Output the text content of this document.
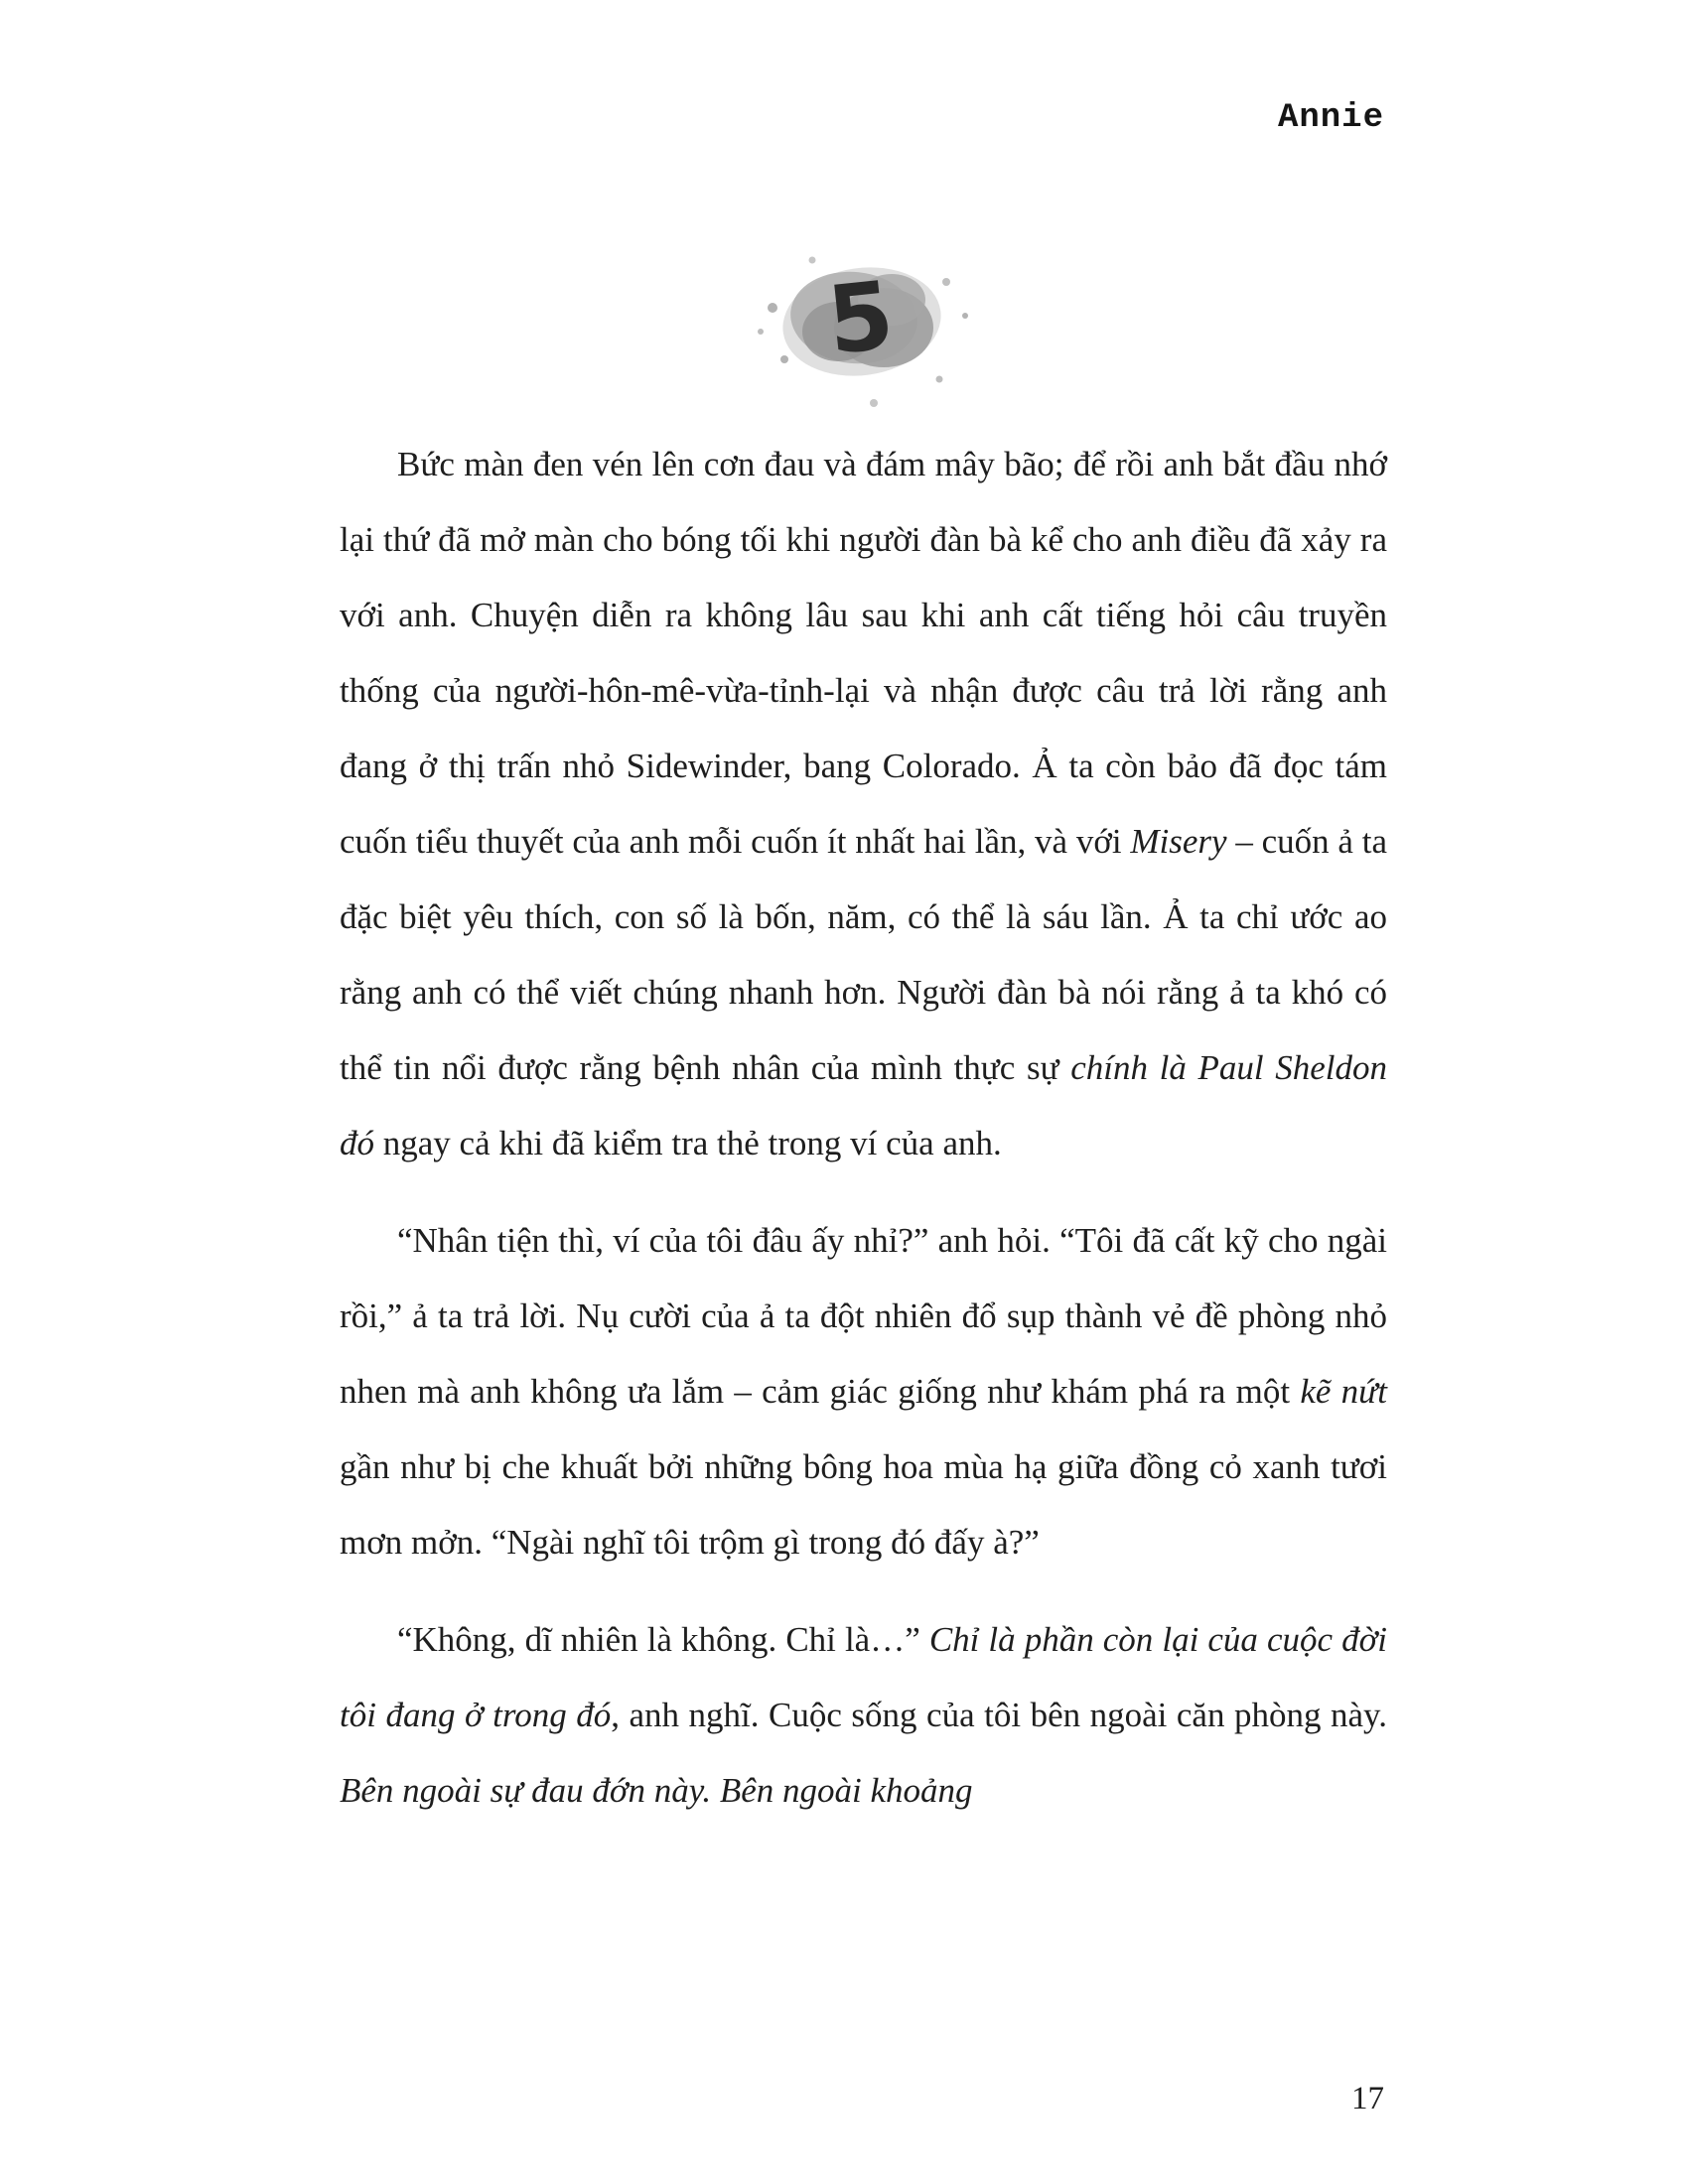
Annie
5

Bức màn đen vén lên cơn đau và đám mây bão; để rồi anh bắt đầu nhớ lại thứ đã mở màn cho bóng tối khi người đàn bà kể cho anh điều đã xảy ra với anh. Chuyện diễn ra không lâu sau khi anh cất tiếng hỏi câu truyền thống của người-hôn-mê-vừa-tỉnh-lại và nhận được câu trả lời rằng anh đang ở thị trấn nhỏ Sidewinder, bang Colorado. Ả ta còn bảo đã đọc tám cuốn tiểu thuyết của anh mỗi cuốn ít nhất hai lần, và với Misery – cuốn ả ta đặc biệt yêu thích, con số là bốn, năm, có thể là sáu lần. Ả ta chỉ ước ao rằng anh có thể viết chúng nhanh hơn. Người đàn bà nói rằng ả ta khó có thể tin nổi được rằng bệnh nhân của mình thực sự chính là Paul Sheldon đó ngay cả khi đã kiểm tra thẻ trong ví của anh.

“Nhân tiện thì, ví của tôi đâu ấy nhỉ?” anh hỏi. “Tôi đã cất kỹ cho ngài rồi,” ả ta trả lời. Nụ cười của ả ta đột nhiên đổ sụp thành vẻ đề phòng nhỏ nhen mà anh không ưa lắm – cảm giác giống như khám phá ra một kẽ nứt gần như bị che khuất bởi những bông hoa mùa hạ giữa đồng cỏ xanh tươi mơn mởn. “Ngài nghĩ tôi trộm gì trong đó đấy à?”

“Không, dĩ nhiên là không. Chỉ là…” Chỉ là phần còn lại của cuộc đời tôi đang ở trong đó, anh nghĩ. Cuộc sống của tôi bên ngoài căn phòng này. Bên ngoài sự đau đớn này. Bên ngoài khoảng

17
